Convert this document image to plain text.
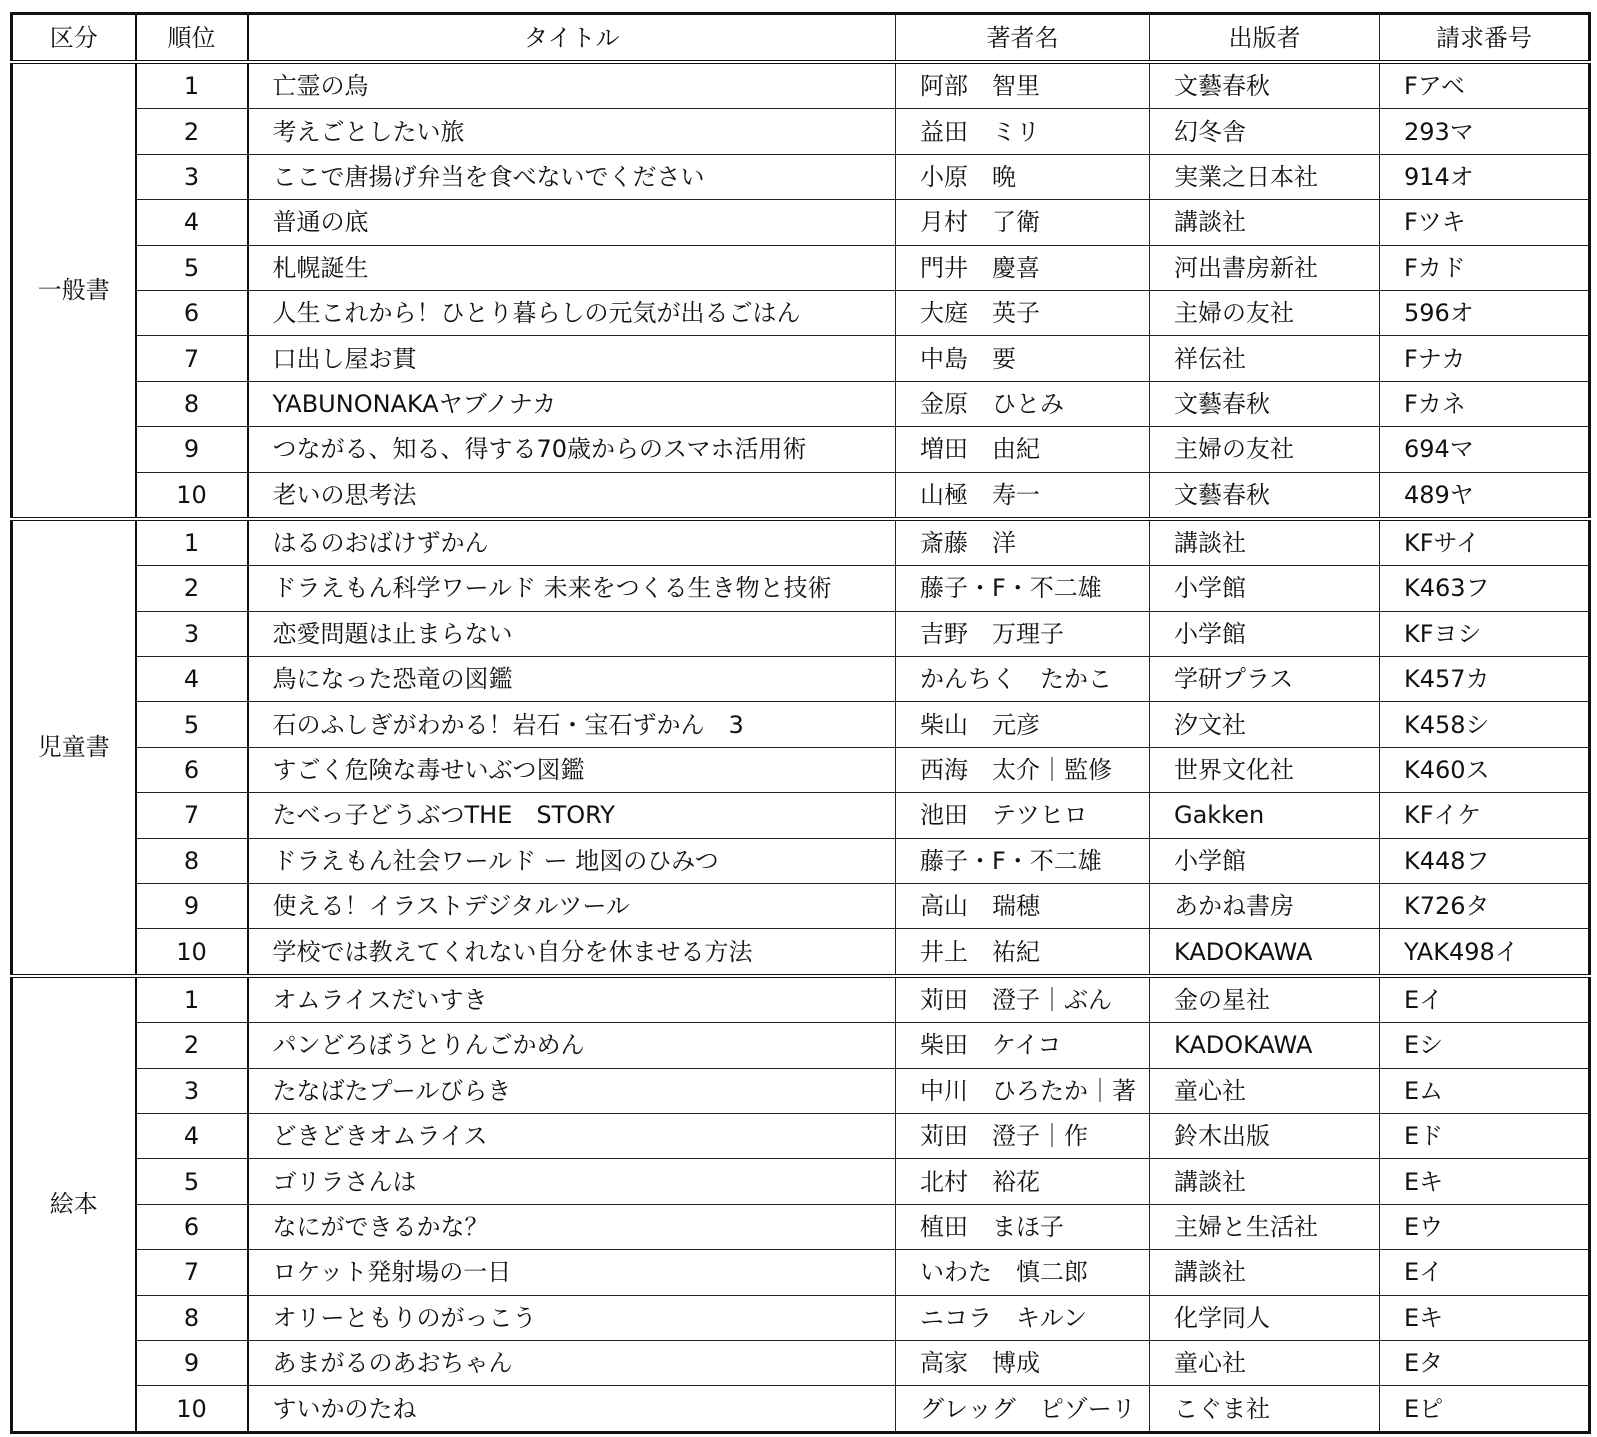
区分	順位	タイトル	著者名	出版者	請求番号
一般書	1	亡霊の烏	阿部　智里	文藝春秋	Fアベ
	2	考えごとしたい旅	益田　ミリ	幻冬舎	293マ
	3	ここで唐揚げ弁当を食べないでください	小原　晩	実業之日本社	914オ
	4	普通の底	月村　了衛	講談社	Fツキ
	5	札幌誕生	門井　慶喜	河出書房新社	Fカド
	6	人生これから！ひとり暮らしの元気が出るごはん	大庭　英子	主婦の友社	596オ
	7	口出し屋お貫	中島　要	祥伝社	Fナカ
	8	YABUNONAKAヤブノナカ	金原　ひとみ	文藝春秋	Fカネ
	9	つながる、知る、得する70歳からのスマホ活用術	増田　由紀	主婦の友社	694マ
	10	老いの思考法	山極　寿一	文藝春秋	489ヤ
児童書	1	はるのおばけずかん	斎藤　洋	講談社	KFサイ
	2	ドラえもん科学ワールド 未来をつくる生き物と技術	藤子・F・不二雄	小学館	K463フ
	3	恋愛問題は止まらない	吉野　万理子	小学館	KFヨシ
	4	鳥になった恐竜の図鑑	かんちく　たかこ	学研プラス	K457カ
	5	石のふしぎがわかる！岩石・宝石ずかん　3	柴山　元彦	汐文社	K458シ
	6	すごく危険な毒せいぶつ図鑑	西海　太介｜監修	世界文化社	K460ス
	7	たべっ子どうぶつTHE　STORY	池田　テツヒロ	Gakken	KFイケ
	8	ドラえもん社会ワールド ー 地図のひみつ	藤子・F・不二雄	小学館	K448フ
	9	使える！イラストデジタルツール	高山　瑞穂	あかね書房	K726タ
	10	学校では教えてくれない自分を休ませる方法	井上　祐紀	KADOKAWA	YAK498イ
絵本	1	オムライスだいすき	苅田　澄子｜ぶん	金の星社	Eイ
	2	パンどろぼうとりんごかめん	柴田　ケイコ	KADOKAWA	Eシ
	3	たなばたプールびらき	中川　ひろたか｜著	童心社	Eム
	4	どきどきオムライス	苅田　澄子｜作	鈴木出版	Eド
	5	ゴリラさんは	北村　裕花	講談社	Eキ
	6	なにができるかな？	植田　まほ子	主婦と生活社	Eウ
	7	ロケット発射場の一日	いわた　慎二郎	講談社	Eイ
	8	オリーともりのがっこう	ニコラ　キルン	化学同人	Eキ
	9	あまがるのあおちゃん	高家　博成	童心社	Eタ
	10	すいかのたね	グレッグ　ピゾーリ	こぐま社	Eピ
